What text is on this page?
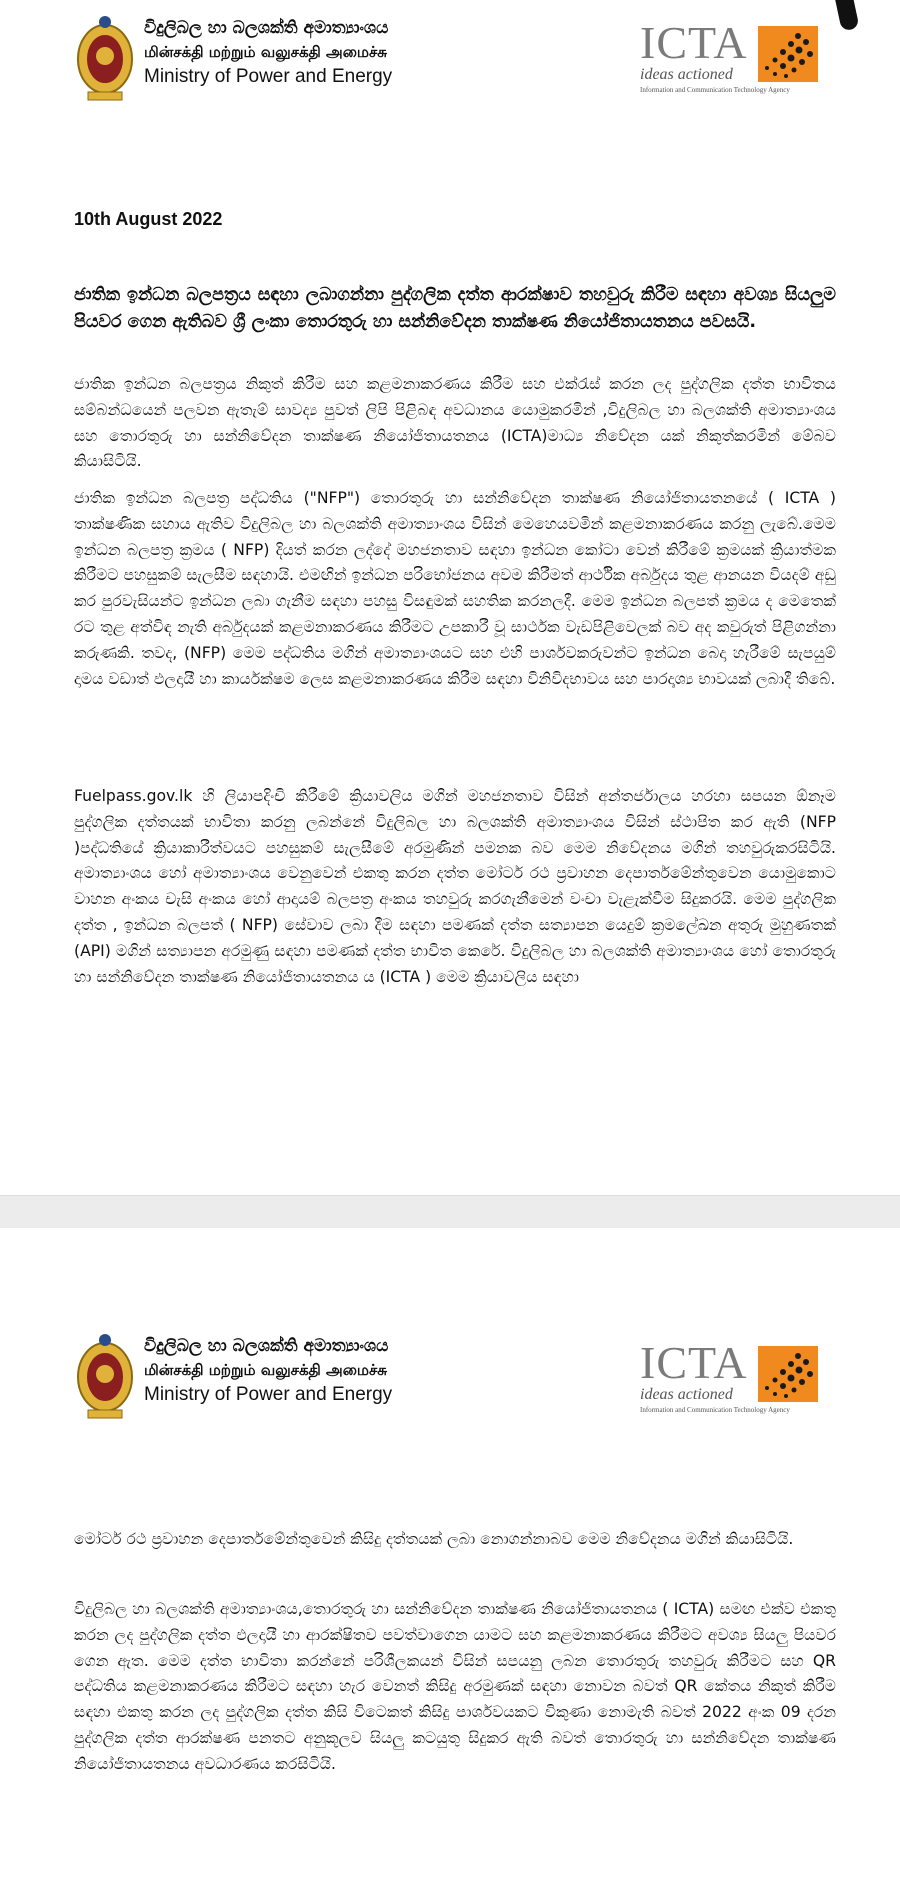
විදුලිබල හා බලශක්ති අමාත්‍යාංශය
மின்சக்தி மற்றும் வலுசக்தி அமைச்சு
Ministry of Power and Energy
ICTA
ideas actioned
Information and Communication Technology Agency
10th August 2022
ජාතික ඉන්ධන බලපත්‍රය සඳහා ලබාගන්නා පුද්ගලික දත්ත ආරක්ෂාව තහවුරු කිරීම සඳහා අවශ්‍ය සියලුම පියවර ගෙන ඇතිබව ශ්‍රී ලංකා තොරතුරු හා සන්නිවේදන තාක්ෂණ නියෝජිතායතනය පවසයි.
ජාතික ඉන්ධන බලපත්‍රය නිකුත් කිරීම සහ කළමනාකරණය කිරීම සහ එක්රැස් කරන ලද පුද්ගලික දත්ත භාවිතය සම්බන්ධයෙන් පලවන ඇතැම් සාවද්‍ය පුවත් ලිපි පිළිබඳ අවධානය යොමුකරමින් ,විදුලිබල හා බලශක්ති අමාත්‍යාංශය සහ තොරතුරු හා සන්නිවේදන තාක්ෂණ නියෝජිතායතනය (ICTA)මාධ්‍ය නිවේදන යක් නිකුත්කරමින් මේබව කියාසිටියි.
ජාතික ඉන්ධන බලපත්‍ර පද්ධතිය ("NFP") තොරතුරු හා සන්නිවේදන තාක්ෂණ නියෝජිතායතනයේ ( ICTA ) තාක්ෂණික සහාය ඇතිව විදුලිබල හා බලශක්ති අමාත්‍යාංශය විසින් මෙහෙයවමින් කළමනාකරණය කරනු ලැබේ.මෙම ඉන්ධන බලපත්‍ර ක්‍රමය ( NFP) දියත් කරන ලද්දේ මහජනතාව සඳහා ඉන්ධන කෝටා වෙන් කිරීමේ ක්‍රමයක් ක්‍රියාත්මක කිරීමට පහසුකම් සැලසීම සඳහායි. එමඟින් ඉන්ධන පරිභෝජනය අවම කිරීමත් ආර්ථික අර්බුදය තුළ ආනයන වියදම් අඩු කර පුරවැසියන්ට ඉන්ධන ලබා ගැනීම සඳහා පහසු විසඳුමක් සහතික කරනලදී. මෙම ඉන්ධන බලපත් ක්‍රමය ද මෙතෙක් රට තුළ අත්විඳ නැති අර්බුදයක් කළමනාකරණය කිරීමට උපකාරී වූ සාර්ථක වැඩපිළිවෙලක් බව අද කවුරුත් පිළිගන්නා කරුණකි. තවද, (NFP) මෙම පද්ධතිය මගින් අමාත්‍යාංශයට සහ එහි පාර්ශවකරුවන්ට ඉන්ධන බෙදා හැරීමේ සැපයුම් දාමය වඩාත් ඵලදායී හා කාර්යක්ෂම ලෙස කළමනාකරණය කිරීම සඳහා විනිවිදභාවය සහ පාරදෘශ්‍ය භාවයක් ලබාදී තිබේ.
Fuelpass.gov.lk හි ලියාපදිංචි කිරීමේ ක්‍රියාවලිය මගින් මහජනතාව විසින් අන්තර්ජාලය හරහා සපයන ඕනෑම පුද්ගලික දත්තයක් භාවිතා කරනු ලබන්නේ විදුලිබල හා බලශක්ති අමාත්‍යාංශය විසින් ස්ථාපිත කර ඇති (NFP )පද්ධතියේ ක්‍රියාකාරීත්වයට පහසුකම් සැලසීමේ අරමුණින් පමනක බව මෙම නිවේදනය මගින් තහවුරුකරසිටියි. අමාත්‍යාංශය හෝ අමාත්‍යාංශය වෙනුවෙන් එකතු කරන දත්ත මෝටර් රථ ප්‍රවාහන දෙපාර්තමේන්තුවෙන යොමුකොට වාහන අංකය චැසි අංකය හෝ ආදායම් බලපත්‍ර අංකය තහවුරු කරගැනීමෙන් වංචා වැළැක්වීම සිදුකරයි. මෙම පුද්ගලික දත්ත , ඉන්ධන බලපත් ( NFP) සේවාව ලබා දීම සඳහා පමණක් දත්ත සත්‍යාපන යෙදුම් ක්‍රමලේඛන අතුරු මුහුණතක් (API) මගින් සත්‍යාපන අරමුණු සඳහා පමණක් දත්ත භාවිත කෙරේ. විදුලිබල හා බලශක්ති අමාත්‍යාංශය හෝ තොරතුරු හා සන්නිවේදන තාක්ෂණ නියෝජිතායතනය ය (ICTA ) මෙම ක්‍රියාවලිය සඳහා
විදුලිබල හා බලශක්ති අමාත්‍යාංශය
மின்சக்தி மற்றும் வலுசக்தி அமைச்சு
Ministry of Power and Energy
ICTA
ideas actioned
Information and Communication Technology Agency
මෝටර් රථ ප්‍රවාහන දෙපාර්තමේන්තුවෙන් කිසිදු දත්තයක් ලබා නොගන්නාබව මෙම නිවේදනය මගින් කියාසිටියි.
විදුලිබල හා බලශක්ති අමාත්‍යාංශය,තොරතුරු හා සන්නිවේදන තාක්ෂණ නියෝජිතායතනය ( ICTA) සමඟ එක්ව එකතු කරන ලද පුද්ගලික දත්ත ඵලදායී හා ආරක්ෂිතව පවත්වාගෙන යාමට සහ කළමනාකරණය කිරීමට අවශ්‍ය සියලු පියවර ගෙන ඇත. මෙම දත්ත භාවිතා කරන්නේ පරිශීලකයන් විසින් සපයනු ලබන තොරතුරු තහවුරු කිරීමට සහ QR පද්ධතිය කළමනාකරණය කිරීමට සඳහා හැර වෙනත් කිසිදු අරමුණක් සඳහා නොවන බවත් QR කේතය නිකුත් කිරීම සඳහා එකතු කරන ලද පුද්ගලික දත්ත කිසි විටෙකත් කිසිදු පාර්ශවයකට විකුණා නොමැති බවත් 2022 අංක 09 දරන පුද්ගලික දත්ත ආරක්ෂණ පනතට අනුකූලව සියලු කටයුතු සිදුකර ඇති බවත් තොරතුරු හා සන්නිවේදන තාක්ෂණ නියෝජිතායතනය අවධාරණය කරසිටියි.
